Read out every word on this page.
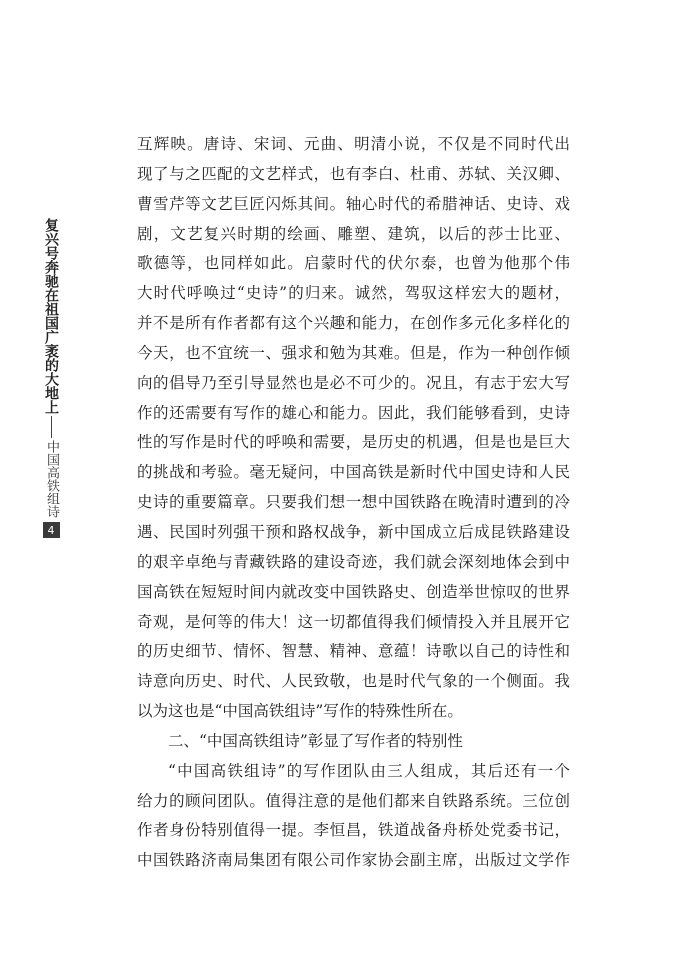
复兴号奔驰在祖国广袤的大地上
中国高铁组诗
4
互辉映。唐诗、宋词、元曲、明清小说，不仅是不同时代出
现了与之匹配的文艺样式，也有李白、杜甫、苏轼、关汉卿、
曹雪芹等文艺巨匠闪烁其间。轴心时代的希腊神话、史诗、戏
剧，文艺复兴时期的绘画、雕塑、建筑，以后的莎士比亚、
歌德等，也同样如此。启蒙时代的伏尔泰，也曾为他那个伟
大时代呼唤过“史诗”的归来。诚然，驾驭这样宏大的题材，
并不是所有作者都有这个兴趣和能力，在创作多元化多样化的
今天，也不宜统一、强求和勉为其难。但是，作为一种创作倾
向的倡导乃至引导显然也是必不可少的。况且，有志于宏大写
作的还需要有写作的雄心和能力。因此，我们能够看到，史诗
性的写作是时代的呼唤和需要，是历史的机遇，但是也是巨大
的挑战和考验。毫无疑问，中国高铁是新时代中国史诗和人民
史诗的重要篇章。只要我们想一想中国铁路在晚清时遭到的冷
遇、民国时列强干预和路权战争，新中国成立后成昆铁路建设
的艰辛卓绝与青藏铁路的建设奇迹，我们就会深刻地体会到中
国高铁在短短时间内就改变中国铁路史、创造举世惊叹的世界
奇观，是何等的伟大！这一切都值得我们倾情投入并且展开它
的历史细节、情怀、智慧、精神、意蕴！诗歌以自己的诗性和
诗意向历史、时代、人民致敬，也是时代气象的一个侧面。我
以为这也是“中国高铁组诗”写作的特殊性所在。
二、“中国高铁组诗”彰显了写作者的特别性
“中国高铁组诗”的写作团队由三人组成，其后还有一个
给力的顾问团队。值得注意的是他们都来自铁路系统。三位创
作者身份特别值得一提。李恒昌，铁道战备舟桥处党委书记，
中国铁路济南局集团有限公司作家协会副主席，出版过文学作
